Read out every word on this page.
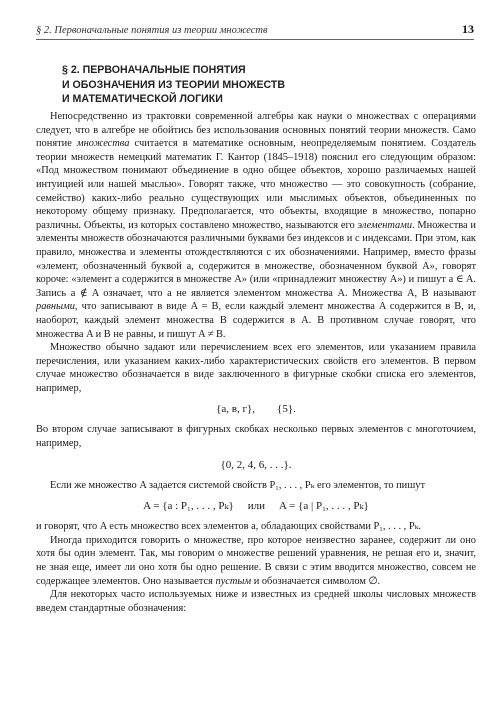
§ 2. Первоначальные понятия из теории множеств	13
§ 2. ПЕРВОНАЧАЛЬНЫЕ ПОНЯТИЯ
И ОБОЗНАЧЕНИЯ ИЗ ТЕОРИИ МНОЖЕСТВ
И МАТЕМАТИЧЕСКОЙ ЛОГИКИ

Непосредственно из трактовки современной алгебры как науки о множествах с операциями следует, что в алгебре не обойтись без использования основных понятий теории множеств. Само понятие множества считается в математике основным, неопределяемым понятием. Создатель теории множеств немецкий математик Г. Кантор (1845–1918) пояснил его следующим образом: «Под множеством понимают объединение в одно общее объектов, хорошо различаемых нашей интуицией или нашей мыслью». Говорят также, что множество — это совокупность (собрание, семейство) каких-либо реально существующих или мыслимых объектов, объединенных по некоторому общему признаку. Предполагается, что объекты, входящие в множество, попарно различны. Объекты, из которых составлено множество, называются его элементами. Множества и элементы множеств обозначаются различными буквами без индексов и с индексами. При этом, как правило, множества и элементы отождествляются с их обозначениями. Например, вместо фразы «элемент, обозначенный буквой a, содержится в множестве, обозначенном буквой A», говорят короче: «элемент a содержится в множестве A» (или «принадлежит множеству A») и пишут a ∈ A. Запись a ∉ A означает, что a не является элементом множества A. Множества A, B называют равными, что записывают в виде A = B, если каждый элемент множества A содержится в B, и, наоборот, каждый элемент множества B содержится в A. В противном случае говорят, что множества A и B не равны, и пишут A ≠ B.

Множество обычно задают или перечислением всех его элементов, или указанием правила перечисления, или указанием каких-либо характеристических свойств его элементов. В первом случае множество обозначается в виде заключенного в фигурные скобки списка его элементов, например,

{a, в, г}, {5}.

Во втором случае записывают в фигурных скобках несколько первых элементов с многоточием, например,

{0, 2, 4, 6, . . .}.

Если же множество A задается системой свойств P₁, . . . , Pₖ его элементов, то пишут

A = {a : P₁, . . . , Pₖ} или A = {a | P₁, . . . , Pₖ}

и говорят, что A есть множество всех элементов a, обладающих свойствами P₁, . . . , Pₖ.

Иногда приходится говорить о множестве, про которое неизвестно заранее, содержит ли оно хотя бы один элемент. Так, мы говорим о множестве решений уравнения, не решая его и, значит, не зная еще, имеет ли оно хотя бы одно решение. В связи с этим вводится множество, совсем не содержащее элементов. Оно называется пустым и обозначается символом ∅.

Для некоторых часто используемых ниже и известных из средней школы числовых множеств введем стандартные обозначения:
